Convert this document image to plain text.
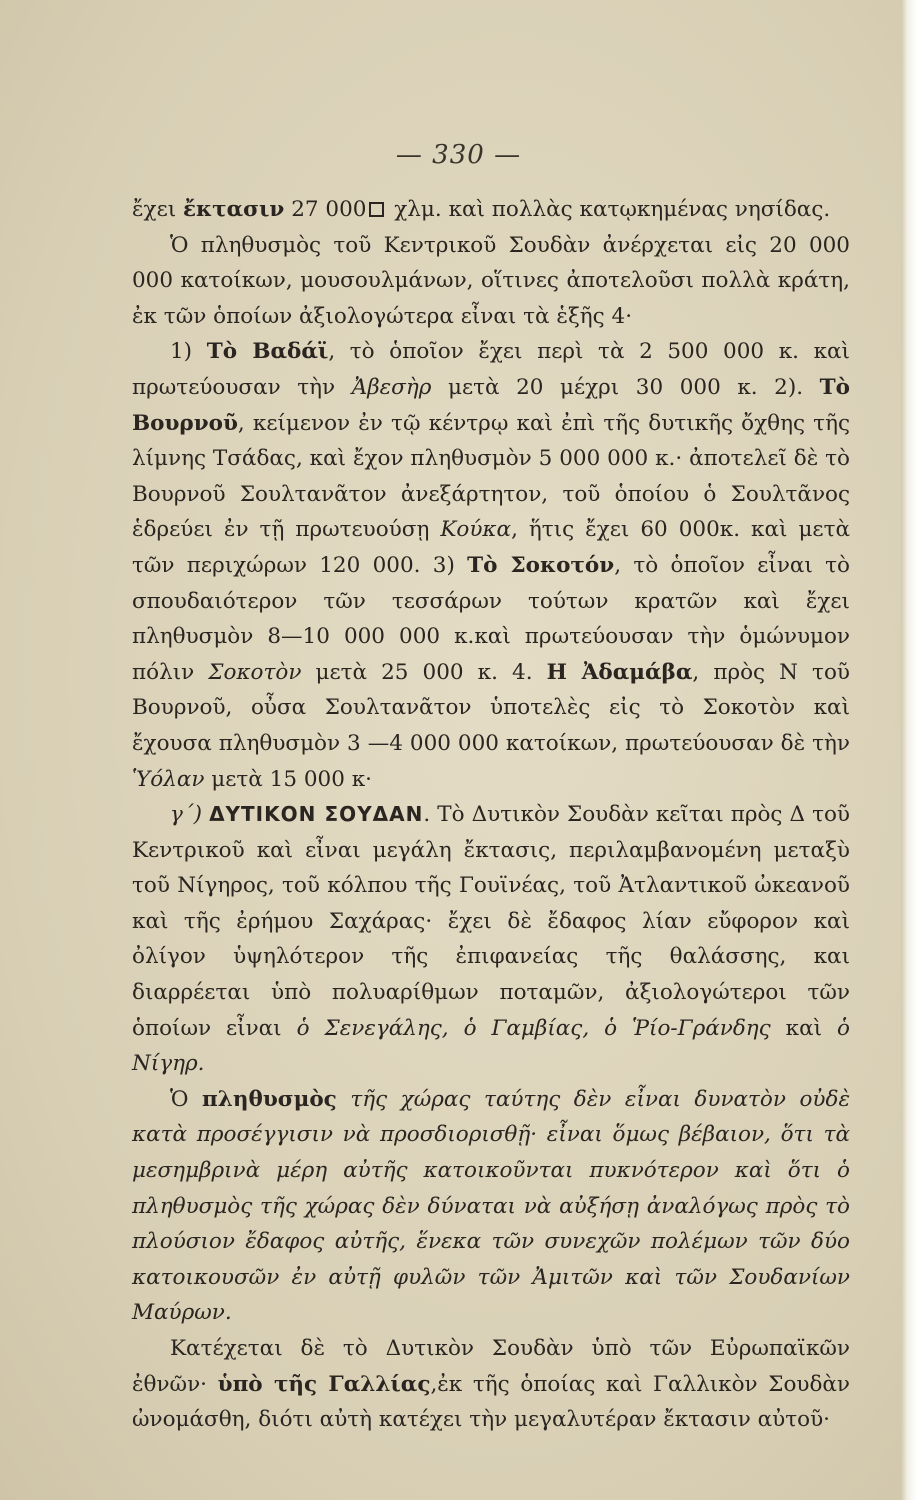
— 330 —

ἔχει ἔκτασιν 27 000 χλμ. καὶ πολλὰς κατῳκημένας νησίδας.

Ὁ πληθυσμὸς τοῦ Κεντρικοῦ Σουδὰν ἀνέρχεται εἰς 20 000 000 κατοίκων, μουσουλμάνων, οἵτινες ἀποτελοῦσι πολλὰ κράτη, ἐκ τῶν ὁποίων ἀξιολογώτερα εἶναι τὰ ἑξῆς 4·

1) Τὸ Βαδάϊ, τὸ ὁποῖον ἔχει περὶ τὰ 2 500 000 κ. καὶ πρωτεύουσαν τὴν Ἀβεσὴρ μετὰ 20 μέχρι 30 000 κ. 2). Τὸ Βουρνοῦ, κείμενον ἐν τῷ κέντρῳ καὶ ἐπὶ τῆς δυτικῆς ὄχθης τῆς λίμνης Τσάδας, καὶ ἔχον πληθυσμὸν 5 000 000 κ.· ἀποτελεῖ δὲ τὸ Βουρνοῦ Σουλτανᾶτον ἀνεξάρτητον, τοῦ ὁποίου ὁ Σουλτᾶνος ἑδρεύει ἐν τῇ πρωτευούσῃ Κούκα, ἥτις ἔχει 60 000κ. καὶ μετὰ τῶν περιχώρων 120 000. 3) Τὸ Σοκοτόν, τὸ ὁποῖον εἶναι τὸ σπουδαιότερον τῶν τεσσάρων τούτων κρατῶν καὶ ἔχει πληθυσμὸν 8—10 000 000 κ.καὶ πρωτεύουσαν τὴν ὁμώνυμον πόλιν Σοκοτὸν μετὰ 25 000 κ. 4. Η Ἀδαμάβα, πρὸς Ν τοῦ Βουρνοῦ, οὖσα Σουλτανᾶτον ὑποτελὲς εἰς τὸ Σοκοτὸν καὶ ἔχουσα πληθυσμὸν 3 —4 000 000 κατοίκων, πρωτεύουσαν δὲ τὴν Ὑόλαν μετὰ 15 000 κ·

γ΄) ΔΥΤΙΚΟΝ ΣΟΥΔΑΝ. Τὸ Δυτικὸν Σουδὰν κεῖται πρὸς Δ τοῦ Κεντρικοῦ καὶ εἶναι μεγάλη ἔκτασις, περιλαμβανομένη μεταξὺ τοῦ Νίγηρος, τοῦ κόλπου τῆς Γουϊνέας, τοῦ Ἀτλαντικοῦ ὠκεανοῦ καὶ τῆς ἐρήμου Σαχάρας· ἔχει δὲ ἔδαφος λίαν εὔφορον καὶ ὀλίγον ὑψηλότερον τῆς ἐπιφανείας τῆς θαλάσσης, και διαρρέεται ὑπὸ πολυαρίθμων ποταμῶν, ἀξιολογώτεροι τῶν ὁποίων εἶναι ὁ Σενεγάλης, ὁ Γαμβίας, ὁ Ῥίο-Γράνδης καὶ ὁ Νίγηρ.

Ὁ πληθυσμὸς τῆς χώρας ταύτης δὲν εἶναι δυνατὸν οὐδὲ κατὰ προσέγγισιν νὰ προσδιορισθῇ· εἶναι ὅμως βέβαιον, ὅτι τὰ μεσημβρινὰ μέρη αὐτῆς κατοικοῦνται πυκνότερον καὶ ὅτι ὁ πληθυσμὸς τῆς χώρας δὲν δύναται νὰ αὐξήσῃ ἀναλόγως πρὸς τὸ πλούσιον ἔδαφος αὐτῆς, ἕνεκα τῶν συνεχῶν πολέμων τῶν δύο κατοικουσῶν ἐν αὐτῇ φυλῶν τῶν Ἀμιτῶν καὶ τῶν Σουδανίων Μαύρων.

Κατέχεται δὲ τὸ Δυτικὸν Σουδὰν ὑπὸ τῶν Εὐρωπαϊκῶν ἐθνῶν· ὑπὸ τῆς Γαλλίας,ἐκ τῆς ὁποίας καὶ Γαλλικὸν Σουδὰν ὠνομάσθη, διότι αὐτὴ κατέχει τὴν μεγαλυτέραν ἔκτασιν αὐτοῦ·
